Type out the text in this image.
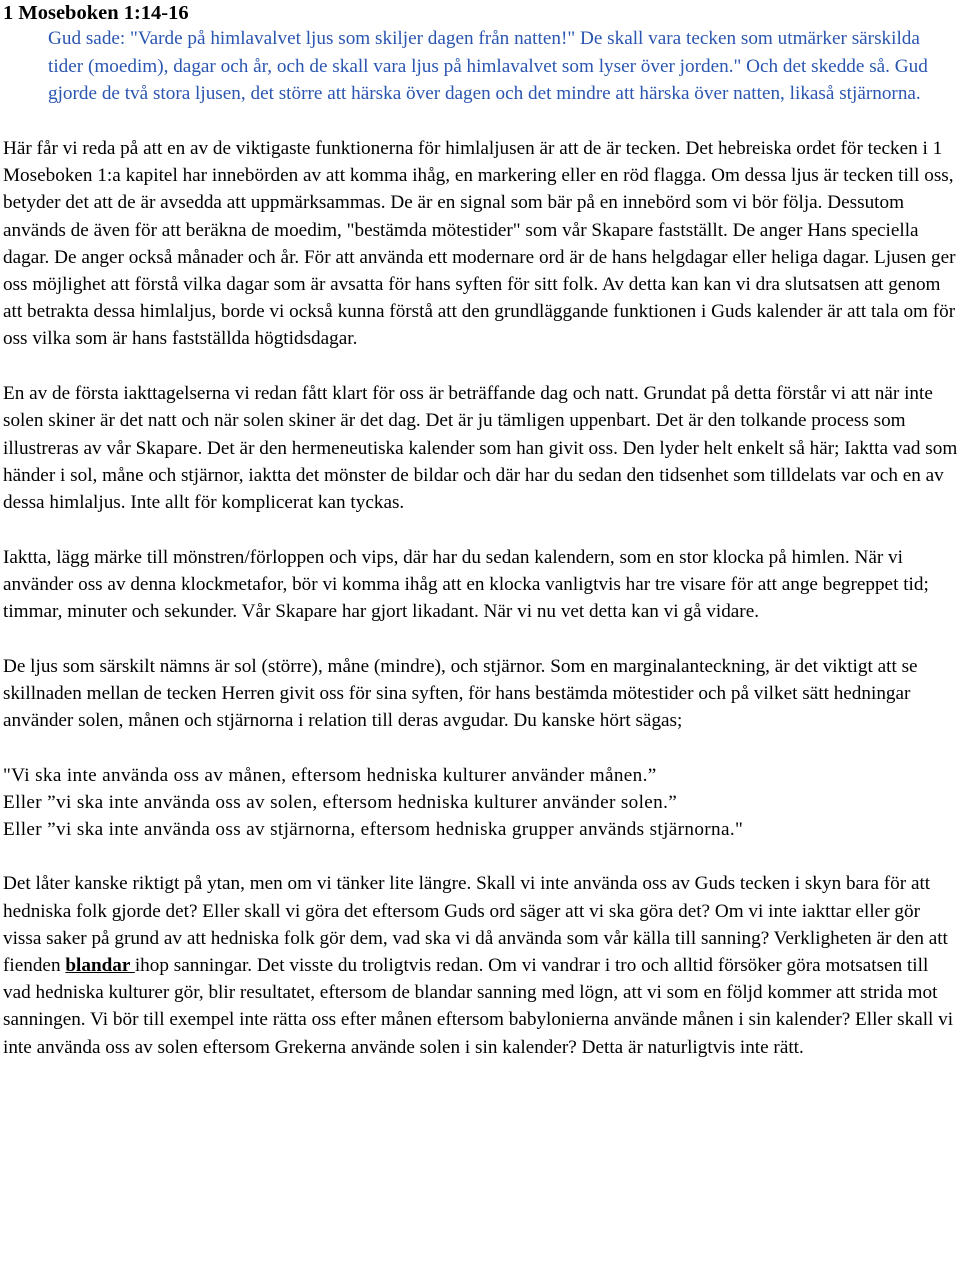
1 Moseboken 1:14-16

Gud sade: "Varde på himlavalvet ljus som skiljer dagen från natten!" De skall vara tecken som utmärker särskilda tider (moedim), dagar och år, och de skall vara ljus på himlavalvet som lyser över jorden." Och det skedde så. Gud gjorde de två stora ljusen, det större att härska över dagen och det mindre att härska över natten, likaså stjärnorna.

Här får vi reda på att en av de viktigaste funktionerna för himlaljusen är att de är tecken. Det hebreiska ordet för tecken i 1 Moseboken 1:a kapitel har innebörden av att komma ihåg, en markering eller en röd flagga. Om dessa ljus är tecken till oss, betyder det att de är avsedda att uppmärksammas. De är en signal som bär på en innebörd som vi bör följa. Dessutom används de även för att beräkna de moedim, "bestämda mötestider" som vår Skapare fastställt. De anger Hans speciella dagar. De anger också månader och år. För att använda ett modernare ord är de hans helgdagar eller heliga dagar. Ljusen ger oss möjlighet att förstå vilka dagar som är avsatta för hans syften för sitt folk. Av detta kan kan vi dra slutsatsen att genom att betrakta dessa himlaljus, borde vi också kunna förstå att den grundläggande funktionen i Guds kalender är att tala om för oss vilka som är hans fastställda högtidsdagar.

En av de första iakttagelserna vi redan fått klart för oss är beträffande dag och natt. Grundat på detta förstår vi att när inte solen skiner är det natt och när solen skiner är det dag. Det är ju tämligen uppenbart. Det är den tolkande process som illustreras av vår Skapare. Det är den hermeneutiska kalender som han givit oss. Den lyder helt enkelt så här; Iaktta vad som händer i sol, måne och stjärnor, iaktta det mönster de bildar och där har du sedan den tidsenhet som tilldelats var och en av dessa himlaljus. Inte allt för komplicerat kan tyckas.

Iaktta, lägg märke till mönstren/förloppen och vips, där har du sedan kalendern, som en stor klocka på himlen. När vi använder oss av denna klockmetafor, bör vi komma ihåg att en klocka vanligtvis har tre visare för att ange begreppet tid; timmar, minuter och sekunder. Vår Skapare har gjort likadant. När vi nu vet detta kan vi gå vidare.

De ljus som särskilt nämns är sol (större), måne (mindre), och stjärnor. Som en marginalanteckning, är det viktigt att se skillnaden mellan de tecken Herren givit oss för sina syften, för hans bestämda mötestider och på vilket sätt hedningar använder solen, månen och stjärnorna i relation till deras avgudar. Du kanske hört sägas;

"Vi ska inte använda oss av månen, eftersom hedniska kulturer använder månen.”

Eller ”vi ska inte använda oss av solen, eftersom hedniska kulturer använder solen.”

Eller ”vi ska inte använda oss av stjärnorna, eftersom hedniska grupper används stjärnorna."

Det låter kanske riktigt på ytan, men om vi tänker lite längre. Skall vi inte använda oss av Guds tecken i skyn bara för att hedniska folk gjorde det? Eller skall vi göra det eftersom Guds ord säger att vi ska göra det? Om vi inte iakttar eller gör vissa saker på grund av att hedniska folk gör dem, vad ska vi då använda som vår källa till sanning? Verkligheten är den att fienden blandar ihop sanningar. Det visste du troligtvis redan. Om vi vandrar i tro och alltid försöker göra motsatsen till vad hedniska kulturer gör, blir resultatet, eftersom de blandar sanning med lögn, att vi som en följd kommer att strida mot sanningen. Vi bör till exempel inte rätta oss efter månen eftersom babylonierna använde månen i sin kalender? Eller skall vi inte använda oss av solen eftersom Grekerna använde solen i sin kalender? Detta är naturligtvis inte rätt.
